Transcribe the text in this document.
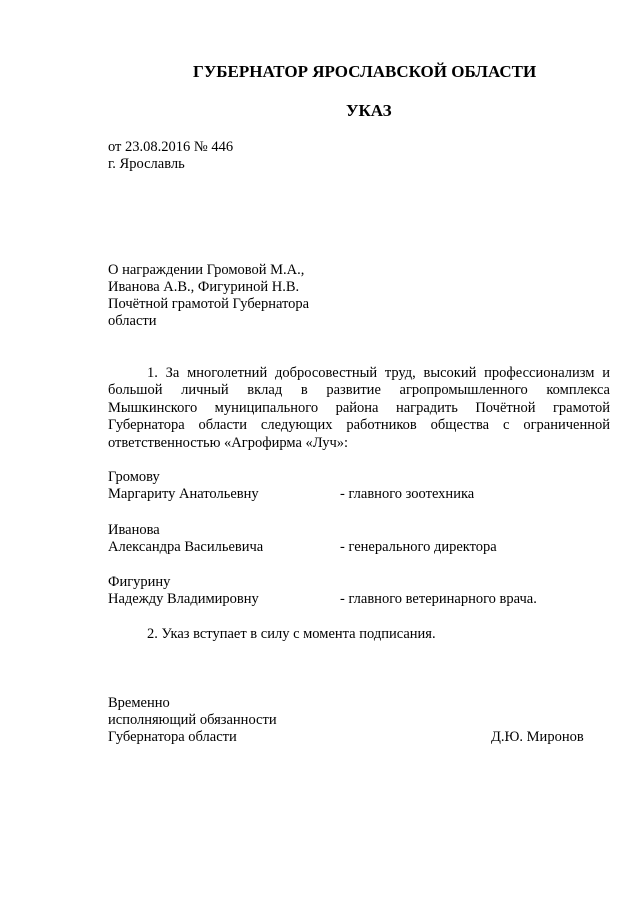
ГУБЕРНАТОР ЯРОСЛАВСКОЙ ОБЛАСТИ
УКАЗ
от 23.08.2016 № 446
г. Ярославль
О награждении Громовой М.А.,
Иванова А.В., Фигуриной Н.В.
Почётной грамотой Губернатора
области
1. За многолетний добросовестный труд, высокий профессионализм и большой личный вклад в развитие агропромышленного комплекса Мышкинского муниципального района наградить Почётной грамотой Губернатора области следующих работников общества с ограниченной ответственностью «Агрофирма «Луч»:
Громову
Маргариту Анатольевну	- главного зоотехника
Иванова
Александра Васильевича	- генерального директора
Фигурину
Надежду Владимировну	- главного ветеринарного врача.
2. Указ вступает в силу с момента подписания.
Временно
исполняющий обязанности
Губернатора области	Д.Ю. Миронов
